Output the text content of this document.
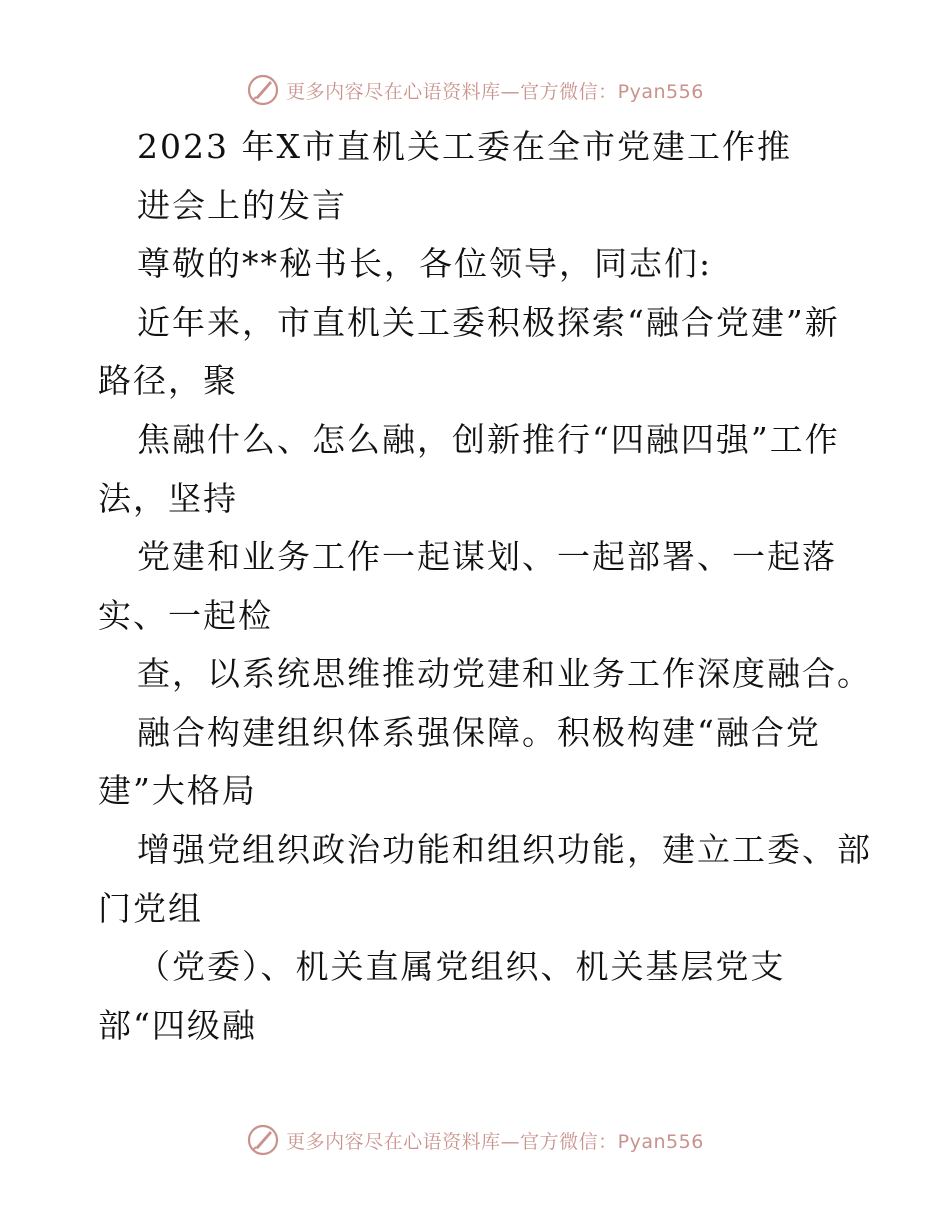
更多内容尽在心语资料库—官方微信：Pyan556
2023 年X市直机关工委在全市党建工作推
进会上的发言
尊敬的**秘书长，各位领导，同志们:
近年来，市直机关工委积极探索“融合党建”新
路径，聚
焦融什么、怎么融，创新推行“四融四强”工作
法，坚持
党建和业务工作一起谋划、一起部署、一起落
实、一起检
查，以系统思维推动党建和业务工作深度融合。
融合构建组织体系强保障。积极构建“融合党
建”大格局
增强党组织政治功能和组织功能，建立工委、部
门党组
（党委）、机关直属党组织、机关基层党支
部“四级融
更多内容尽在心语资料库—官方微信：Pyan556
